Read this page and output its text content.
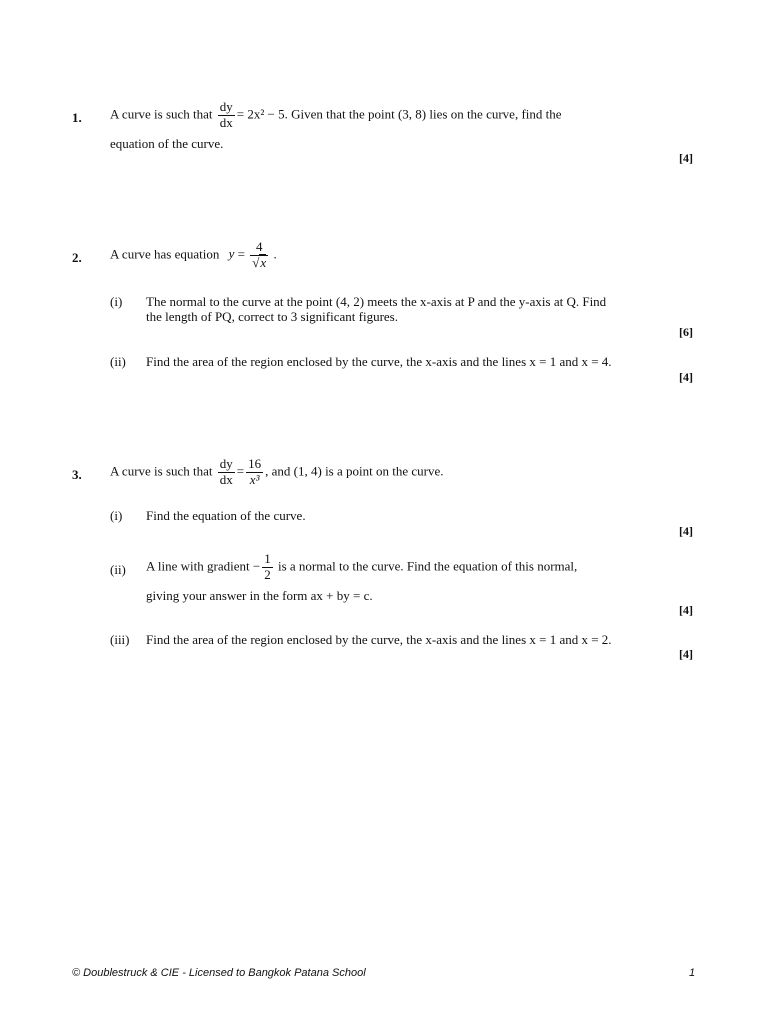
1. A curve is such that $\frac{dy}{dx} = 2x^2 - 5$. Given that the point (3, 8) lies on the curve, find the
equation of the curve.
[4]
2. A curve has equation $y = \frac{4}{√x}$ .
(i) The normal to the curve at the point (4, 2) meets the x-axis at P and the y-axis at Q. Find
the length of PQ, correct to 3 significant figures.
[6]
(ii) Find the area of the region enclosed by the curve, the x-axis and the lines x = 1 and x = 4.
[4]
3. A curve is such that $\frac{dy}{dx} = \frac{16}{\text{x³}}$ , and (1, 4) is a point on the curve.
(i) Find the equation of the curve.
[4]
(ii) A line with gradient − $\frac{1}{2}$ is a normal to the curve. Find the equation of this normal,
giving your answer in the form ax + by = c.
[4]
(iii) Find the area of the region enclosed by the curve, the x-axis and the lines x = 1 and x = 2.
[4]
© Doublestruck & CIE - Licensed to Bangkok Patana School	1
